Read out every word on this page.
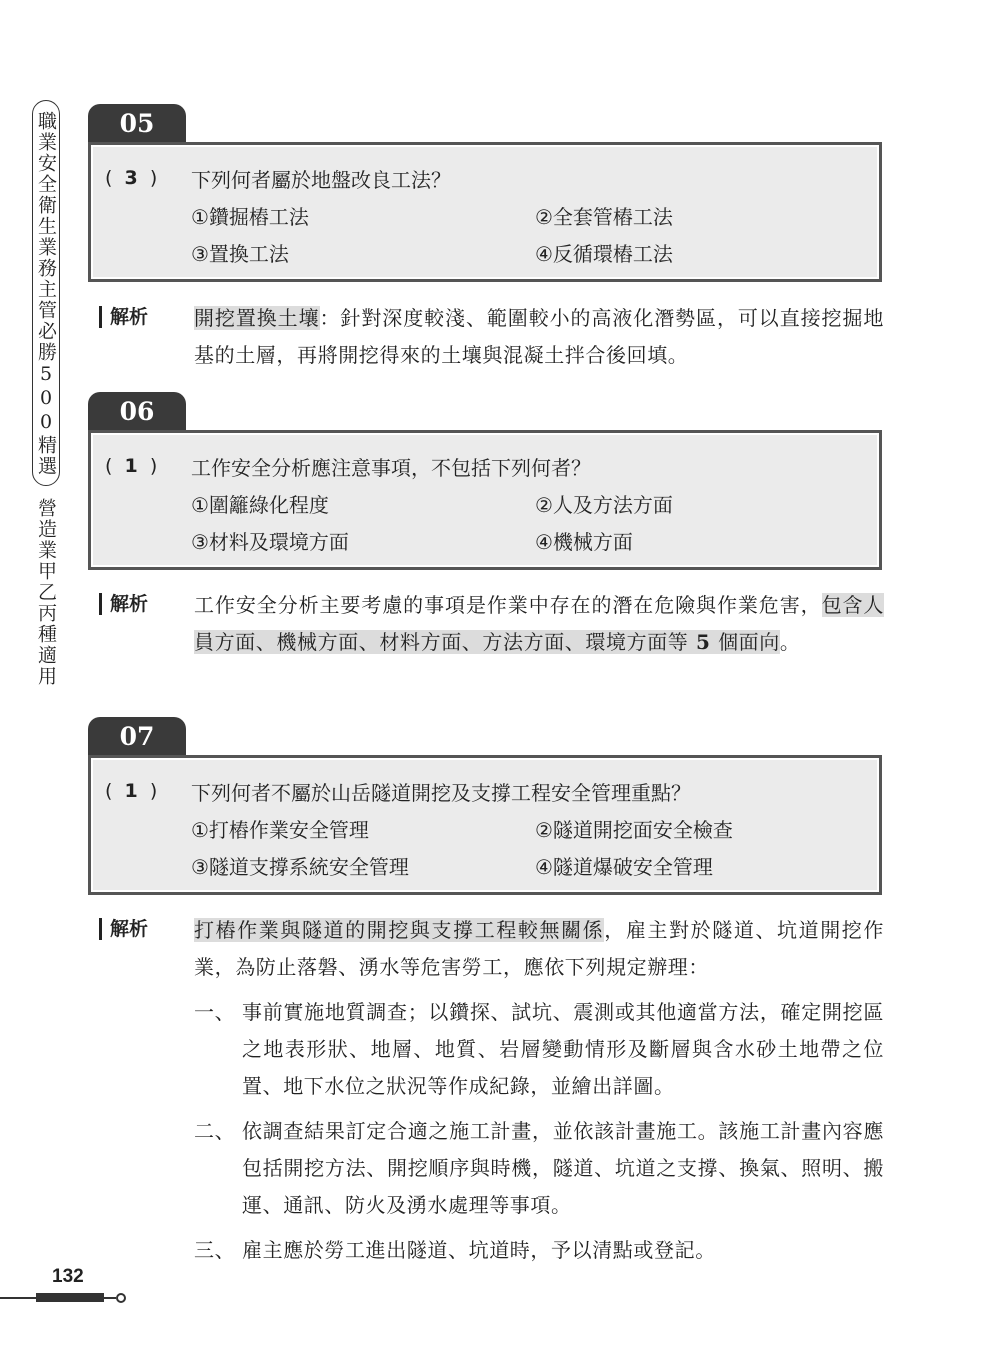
職業安全衛生業務主管必勝500精選
營造業甲乙丙種適用
05
(  3  )	下列何者屬於地盤改良工法？
①鑽掘樁工法	②全套管樁工法
③置換工法	④反循環樁工法
解析 開挖置換土壤：針對深度較淺、範圍較小的高液化潛勢區，可以直接挖掘地基的土層，再將開挖得來的土壤與混凝土拌合後回填。
06
(  1  )	工作安全分析應注意事項，不包括下列何者？
①圍籬綠化程度	②人及方法方面
③材料及環境方面	④機械方面
解析 工作安全分析主要考慮的事項是作業中存在的潛在危險與作業危害，包含人員方面、機械方面、材料方面、方法方面、環境方面等 5 個面向。
07
(  1  )	下列何者不屬於山岳隧道開挖及支撐工程安全管理重點？
①打樁作業安全管理	②隧道開挖面安全檢查
③隧道支撐系統安全管理	④隧道爆破安全管理
解析 打樁作業與隧道的開挖與支撐工程較無關係，雇主對於隧道、坑道開挖作業，為防止落磐、湧水等危害勞工，應依下列規定辦理：
一、 事前實施地質調查；以鑽探、試坑、震測或其他適當方法，確定開挖區之地表形狀、地層、地質、岩層變動情形及斷層與含水砂土地帶之位置、地下水位之狀況等作成紀錄，並繪出詳圖。
二、 依調查結果訂定合適之施工計畫，並依該計畫施工。該施工計畫內容應包括開挖方法、開挖順序與時機，隧道、坑道之支撐、換氣、照明、搬運、通訊、防火及湧水處理等事項。
三、 雇主應於勞工進出隧道、坑道時，予以清點或登記。
132
